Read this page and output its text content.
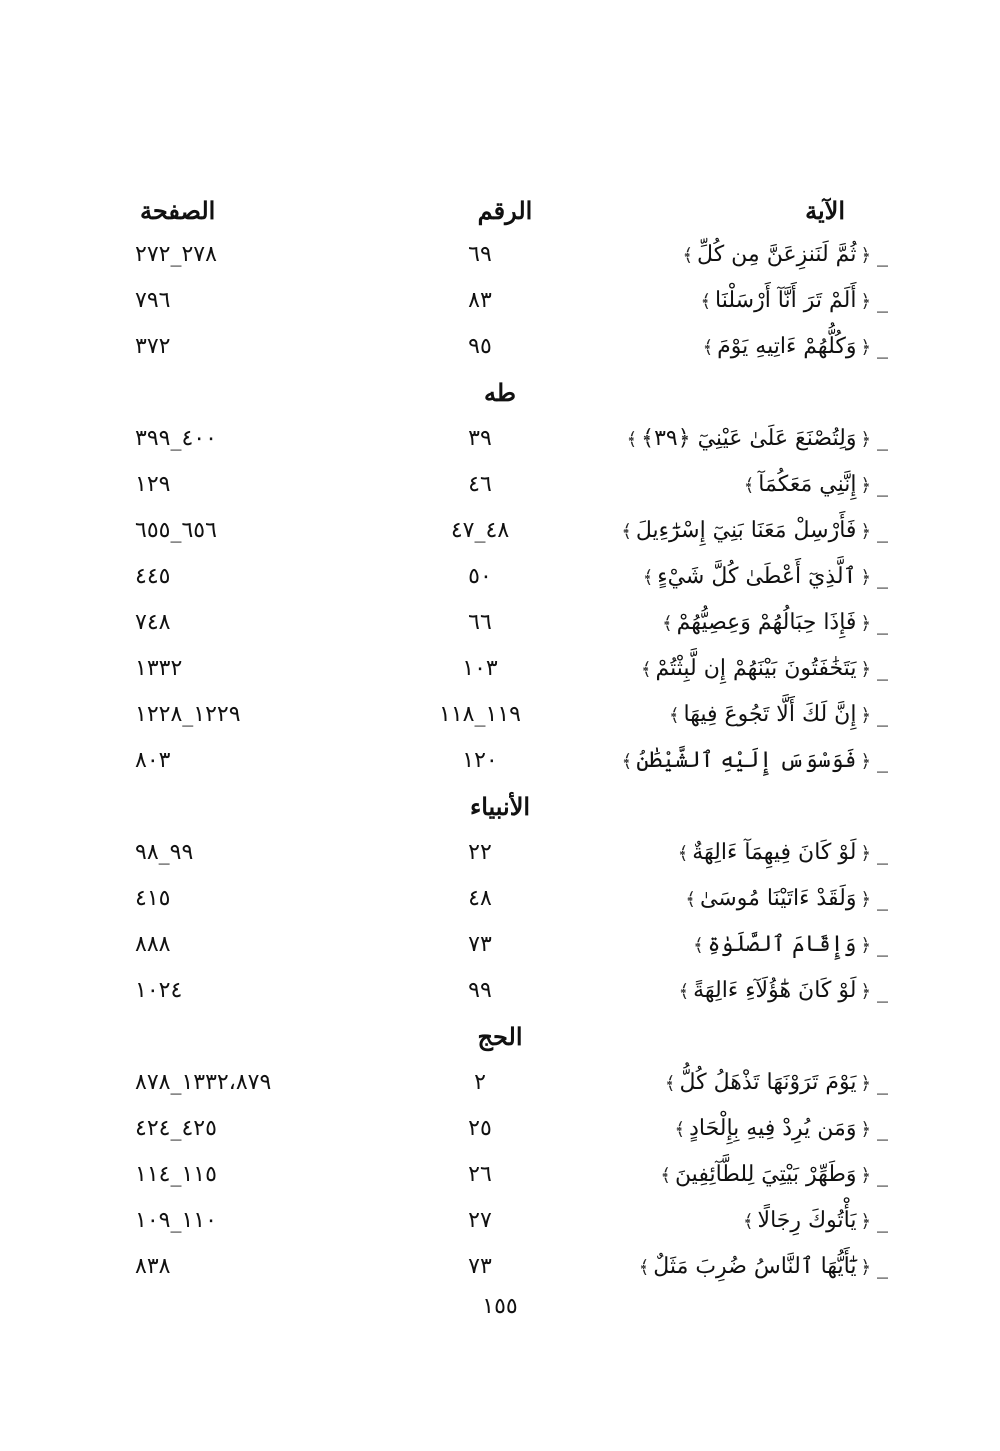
الآية
الرقم
الصفحة
_﴿ثُمَّ لَنَنزِعَنَّ مِن كُلِّ﴾
٦٩
٢٧٨_٢٧٢
_﴿أَلَمْ تَرَ أَنَّآ أَرْسَلْنَا﴾
٨٣
٧٩٦
_﴿وَكُلُّهُمْ ءَاتِيهِ يَوْمَ﴾
٩٥
٣٧٢
طه
_﴿وَلِتُصْنَعَ عَلَىٰ عَيْنِيٓ ﴿٣٩﴾﴾
٣٩
٤٠٠_٣٩٩
_﴿إِنَّنِي مَعَكُمَآ﴾
٤٦
١٢٩
_﴿فَأَرْسِلْ مَعَنَا بَنِيٓ إِسْرَٰٓءِيلَ﴾
٤٨_٤٧
٦٥٦_٦٥٥
_﴿ٱلَّذِيٓ أَعْطَىٰ كُلَّ شَيْءٍ﴾
٥٠
٤٤٥
_﴿فَإِذَا حِبَالُهُمْ وَعِصِيُّهُمْ﴾
٦٦
٧٤٨
_﴿يَتَخَٰفَتُونَ بَيْنَهُمْ إِن لَّبِثْتُمْ﴾
١٠٣
١٣٣٢
_﴿إِنَّ لَكَ أَلَّا تَجُوعَ فِيهَا﴾
١١٩_١١٨
١٢٢٩_١٢٢٨
_﴿فَوَسْوَسَ إِلَيْهِ ٱلشَّيْطَٰنُ﴾
١٢٠
٨٠٣
الأنبياء
_﴿لَوْ كَانَ فِيهِمَآ ءَالِهَةٌ﴾
٢٢
٩٩_٩٨
_﴿وَلَقَدْ ءَاتَيْنَا مُوسَىٰ﴾
٤٨
٤١٥
_﴿وَإِقَامَ ٱلصَّلَوٰةِ﴾
٧٣
٨٨٨
_﴿لَوْ كَانَ هَٰٓؤُلَآءِ ءَالِهَةً﴾
٩٩
١٠٢٤
الحج
_﴿يَوْمَ تَرَوْنَهَا تَذْهَلُ كُلُّ﴾
٢
١٣٣٢،٨٧٩_٨٧٨
_﴿وَمَن يُرِدْ فِيهِ بِإِلْحَادٍ﴾
٢٥
٤٢٥_٤٢٤
_﴿وَطَهِّرْ بَيْتِيَ لِلطَّآئِفِينَ﴾
٢٦
١١٥_١١٤
_﴿يَأْتُوكَ رِجَالًا﴾
٢٧
١١٠_١٠٩
_﴿يَٰٓأَيُّهَا ٱلنَّاسُ ضُرِبَ مَثَلٌ﴾
٧٣
٨٣٨
١٥٥
